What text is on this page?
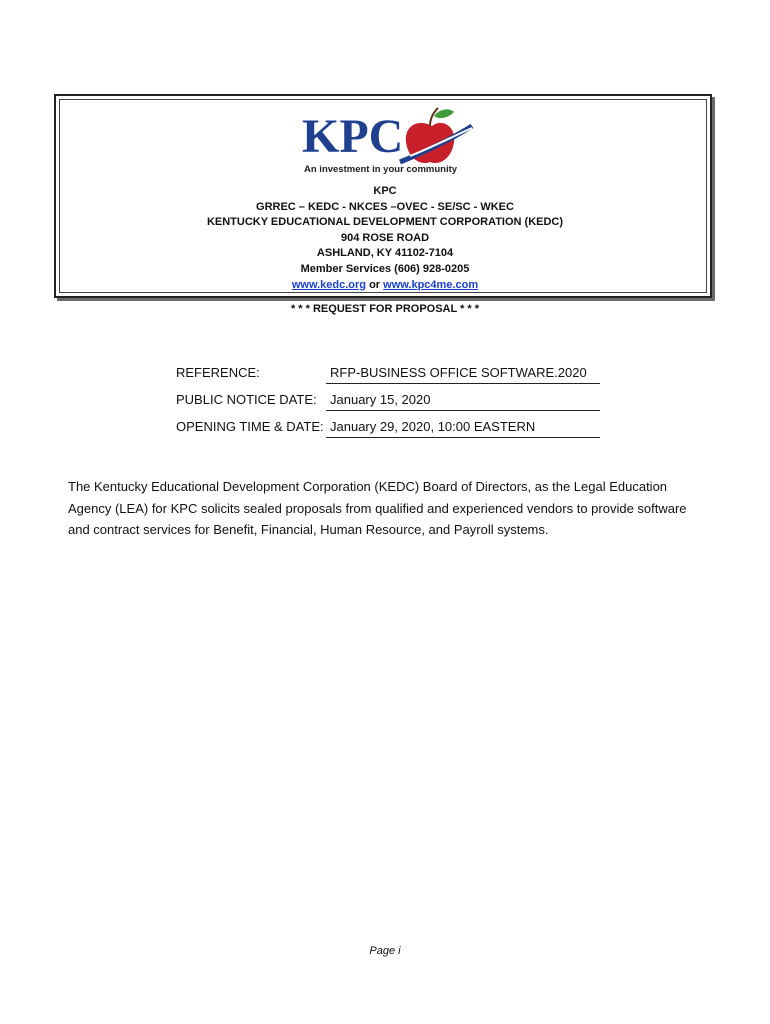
KPC
An investment in your community
KPC
GRREC – KEDC - NKCES –OVEC - SE/SC - WKEC
KENTUCKY EDUCATIONAL DEVELOPMENT CORPORATION (KEDC)
904 ROSE ROAD
ASHLAND, KY 41102-7104
Member Services (606) 928-0205
www.kedc.org or www.kpc4me.com
* * * REQUEST FOR PROPOSAL * * *
REFERENCE:	RFP-BUSINESS OFFICE SOFTWARE.2020
PUBLIC NOTICE DATE: January 15, 2020
OPENING TIME & DATE: January 29, 2020, 10:00 EASTERN
The Kentucky Educational Development Corporation (KEDC) Board of Directors, as the Legal Education Agency (LEA) for KPC solicits sealed proposals from qualified and experienced vendors to provide software and contract services for Benefit, Financial, Human Resource, and Payroll systems.
Page i
